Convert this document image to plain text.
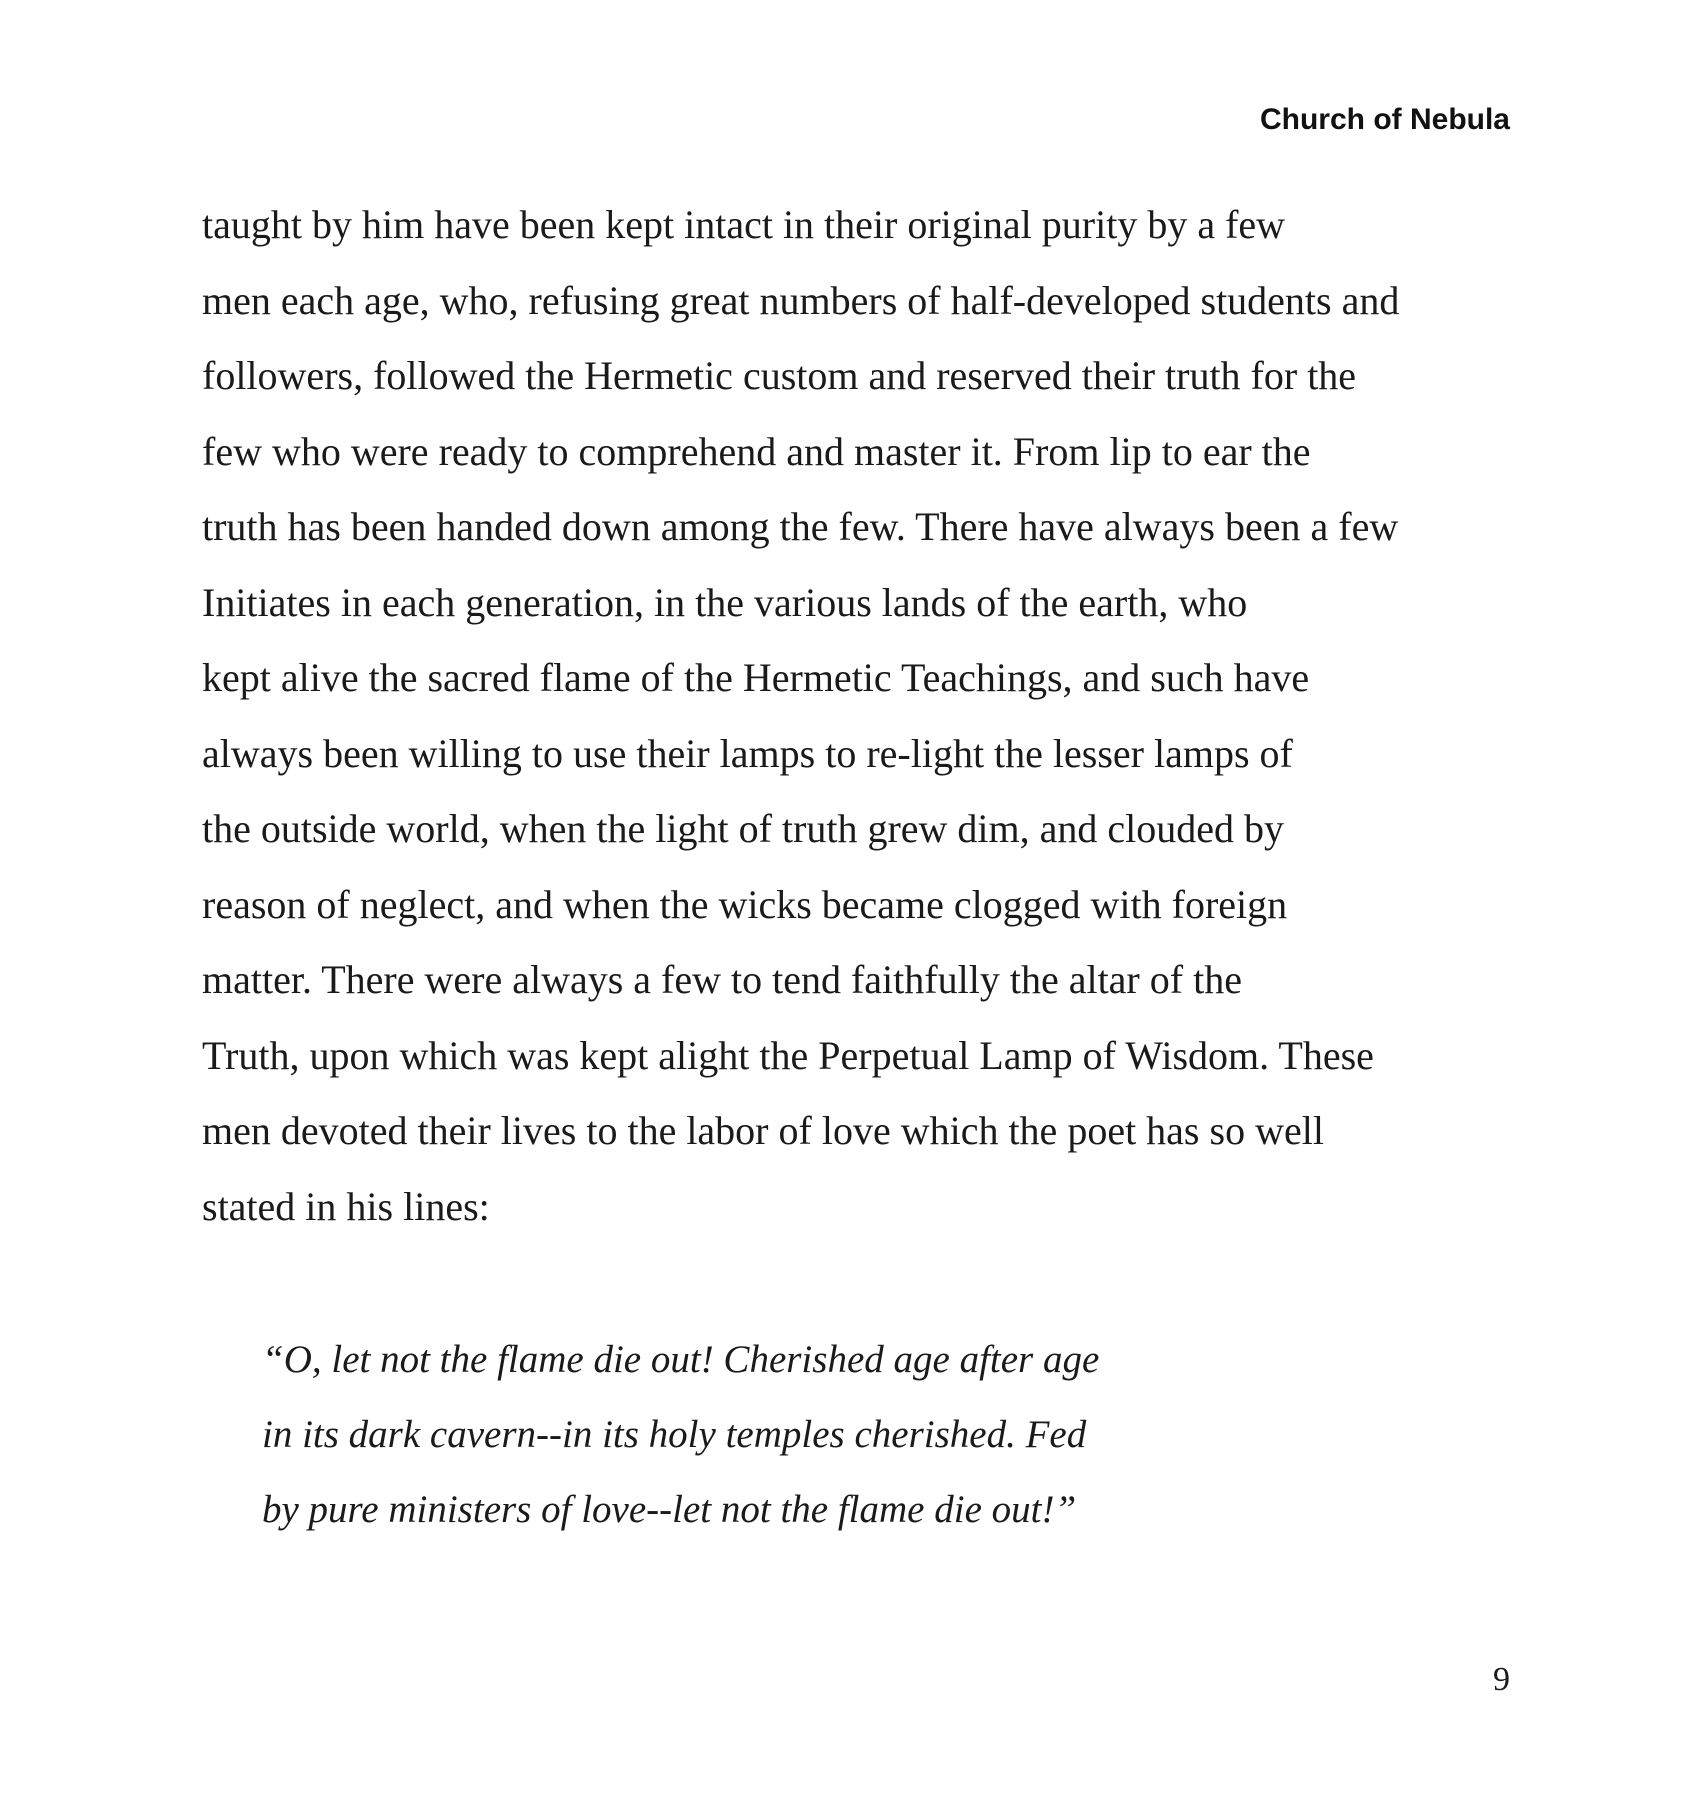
Church of Nebula
taught by him have been kept intact in their original purity by a few
men each age, who, refusing great numbers of half-developed students and
followers, followed the Hermetic custom and reserved their truth for the
few who were ready to comprehend and master it. From lip to ear the
truth has been handed down among the few. There have always been a few
Initiates in each generation, in the various lands of the earth, who
kept alive the sacred flame of the Hermetic Teachings, and such have
always been willing to use their lamps to re-light the lesser lamps of
the outside world, when the light of truth grew dim, and clouded by
reason of neglect, and when the wicks became clogged with foreign
matter. There were always a few to tend faithfully the altar of the
Truth, upon which was kept alight the Perpetual Lamp of Wisdom. These
men devoted their lives to the labor of love which the poet has so well
stated in his lines:
“O, let not the flame die out! Cherished age after age
in its dark cavern--in its holy temples cherished. Fed
by pure ministers of love--let not the flame die out!”
9
